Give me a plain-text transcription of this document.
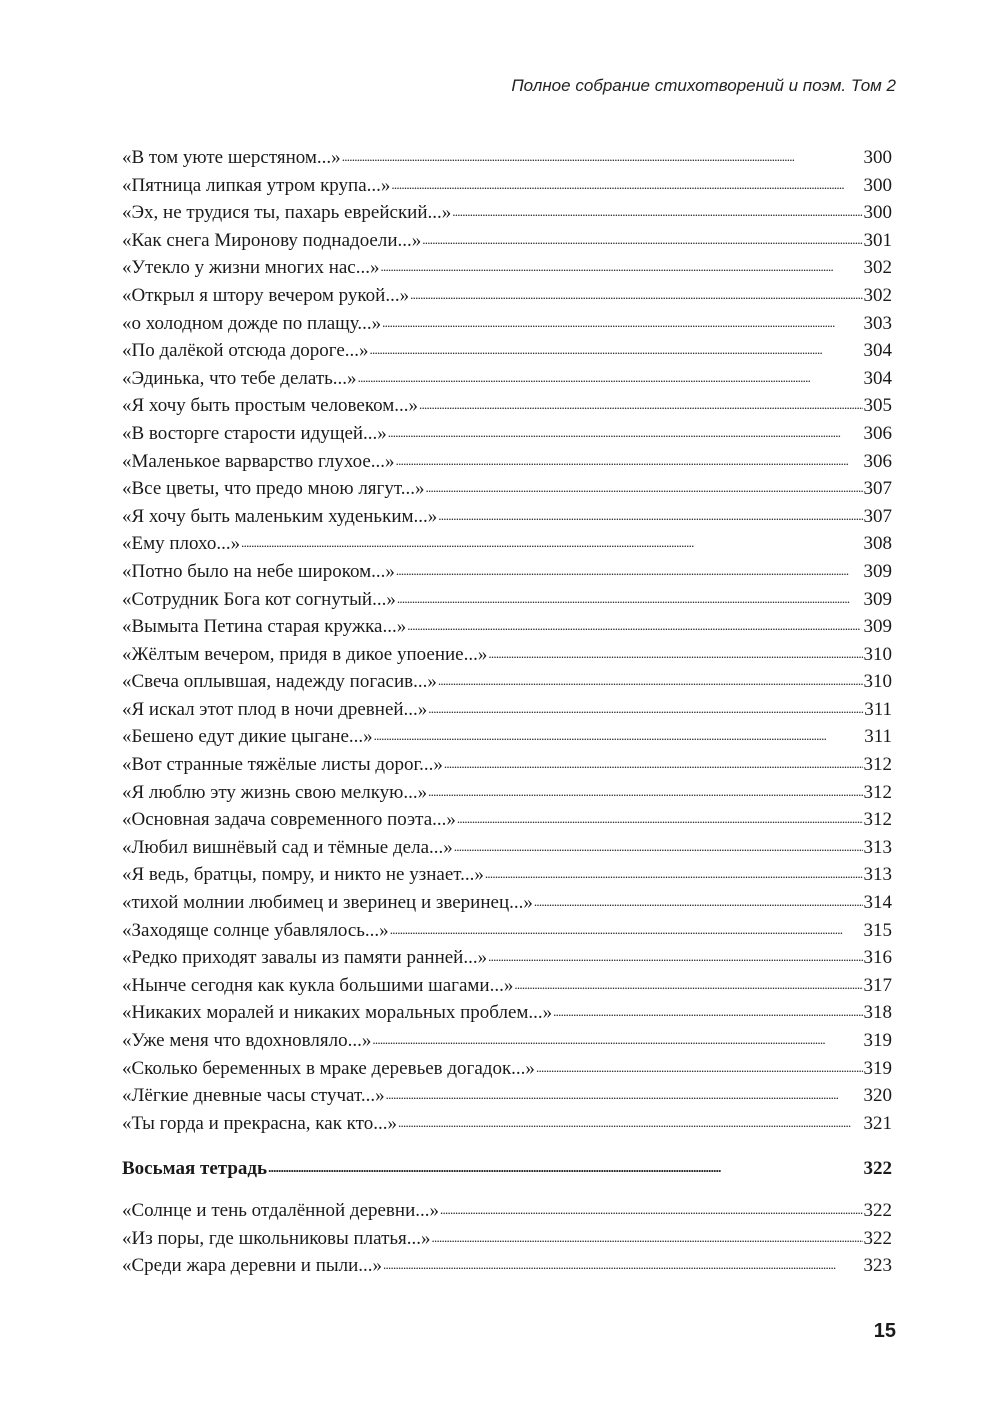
Полное собрание стихотворений и поэм. Том 2
«В том уюте шерстяном...» . . .	300
«Пятница липкая утром крупа...» . . .	300
«Эх, не трудися ты, пахарь еврейский...» . . .	300
«Как снега Миронову поднадоели...» . . .	301
«Утекло у жизни многих нас...» . . .	302
«Открыл я штору вечером рукой...» . . .	302
«о холодном дожде по плащу...» . . .	303
«По далёкой отсюда дороге...» . . .	304
«Эдинька, что тебе делать...» . . .	304
«Я хочу быть простым человеком...» . . .	305
«В восторге старости идущей...» . . .	306
«Маленькое варварство глухое...» . . .	306
«Все цветы, что предо мною лягут...» . . .	307
«Я хочу быть маленьким худеньким...» . . .	307
«Ему плохо...» . . .	308
«Потно было на небе широком...» . . .	309
«Сотрудник Бога кот согнутый...» . . .	309
«Вымыта Петина старая кружка...» . . .	309
«Жёлтым вечером, придя в дикое упоение...» . . .	310
«Свеча оплывшая, надежду погасив...» . . .	310
«Я искал этот плод в ночи древней...» . . .	311
«Бешено едут дикие цыгане...» . . .	311
«Вот странные тяжёлые листы дорог...» . . .	312
«Я люблю эту жизнь свою мелкую...» . . .	312
«Основная задача современного поэта...» . . .	312
«Любил вишнёвый сад и тёмные дела...» . . .	313
«Я ведь, братцы, помру, и никто не узнает...» . . .	313
«тихой молнии любимец и зверинец и зверинец...» . . .	314
«Заходяще солнце убавлялось...» . . .	315
«Редко приходят завалы из памяти ранней...» . . .	316
«Нынче сегодня как кукла большими шагами...» . . .	317
«Никаких моралей и никаких моральных проблем...» . . .	318
«Уже меня что вдохновляло...» . . .	319
«Сколько беременных в мраке деревьев догадок...» . . .	319
«Лёгкие дневные часы стучат...» . . .	320
«Ты горда и прекрасна, как кто...» . . .	321
Восьмая тетрадь . . .	322
«Солнце и тень отдалённой деревни...» . . .	322
«Из поры, где школьниковы платья...» . . .	322
«Среди жара деревни и пыли...» . . .	323
15
